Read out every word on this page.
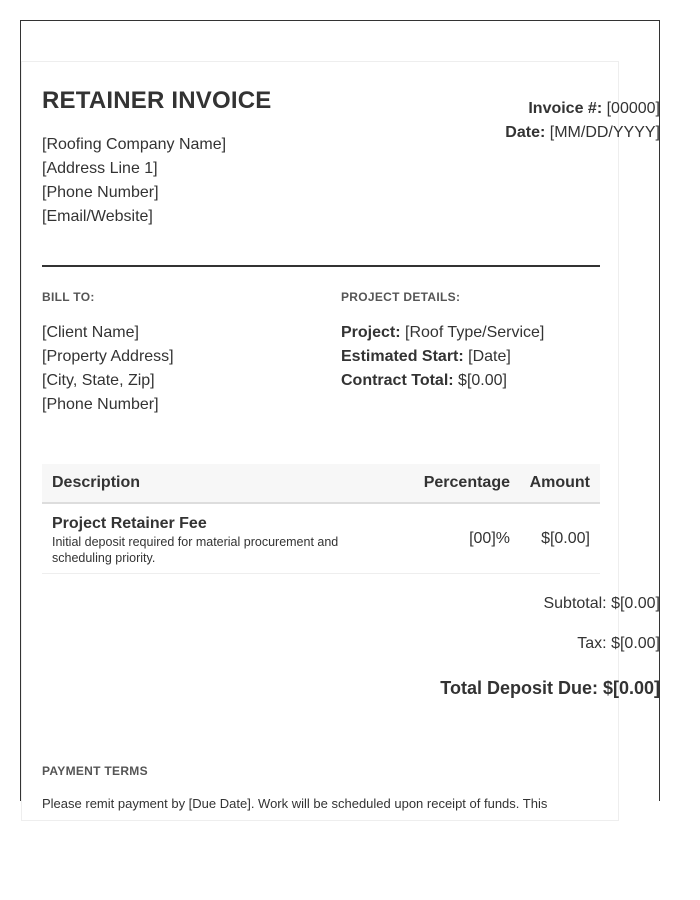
RETAINER INVOICE
[Roofing Company Name]
[Address Line 1]
[Phone Number]
[Email/Website]
Invoice #: [00000]
Date: [MM/DD/YYYY]
BILL TO:	PROJECT DETAILS:
[Client Name]
[Property Address]
[City, State, Zip]
[Phone Number]
Project: [Roof Type/Service]
Estimated Start: [Date]
Contract Total: $[0.00]
Description	Percentage Amount
Project Retainer Fee
Initial deposit required for material procurement and scheduling priority.
[00]% $[0.00]
Subtotal: $[0.00]
Tax: $[0.00]
Total Deposit Due: $[0.00]
PAYMENT TERMS
Please remit payment by [Due Date]. Work will be scheduled upon receipt of funds. This
